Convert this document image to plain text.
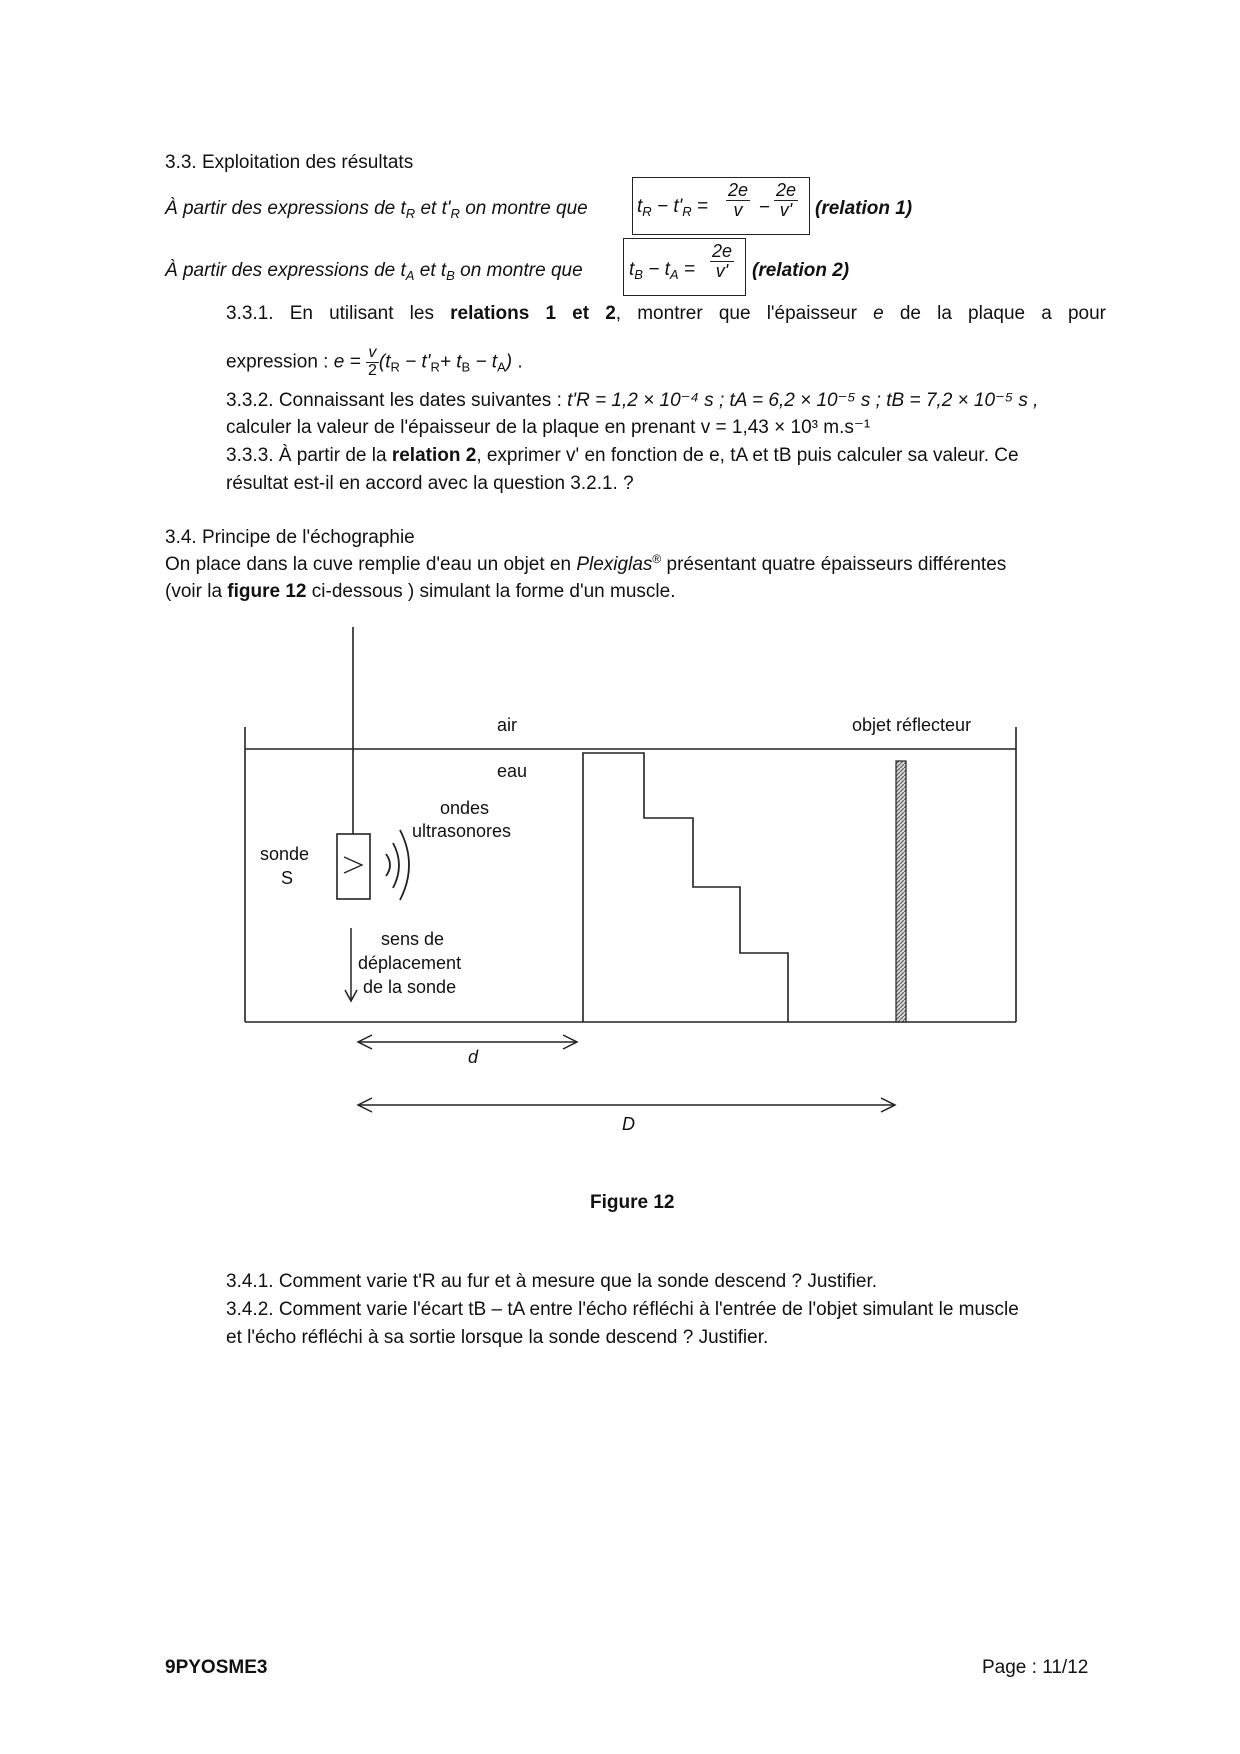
3.3. Exploitation des résultats
À partir des expressions de $t_R$ et $t'_R$ on montre que	$t_R - t'_R = \frac{2e}{v} - \frac{2e}{v'}$ (relation 1)
À partir des expressions de $t_A$ et $t_B$ on montre que $t_B - t_A = \frac{2e}{v'}$ (relation 2)
3.3.1. En utilisant les relations 1 et 2, montrer que l'épaisseur e de la plaque a pour
expression : $e = \frac{v}{2} (t_R - t'_R+ t_B - t_A)$ .
3.3.2. Connaissant les dates suivantes : t'R = 1,2 × 10⁻⁴ s ; tA = 6,2 × 10⁻⁵ s ; tB = 7,2 × 10⁻⁵ s ,
calculer la valeur de l'épaisseur de la plaque en prenant v = 1,43 × 10³ m.s⁻¹
3.3.3. À partir de la relation 2, exprimer v' en fonction de e, tA et tB puis calculer sa valeur. Ce
résultat est-il en accord avec la question 3.2.1. ?
3.4. Principe de l'échographie
On place dans la cuve remplie d'eau un objet en Plexiglas® présentant quatre épaisseurs différentes
(voir la figure 12 ci-dessous ) simulant la forme d'un muscle.
air	objet réflecteur
eau
ondes
ultrasonores
sonde
S
sens de
déplacement
de la sonde
d
D
Figure 12
3.4.1. Comment varie t'R au fur et à mesure que la sonde descend ? Justifier.
3.4.2. Comment varie l'écart tB – tA entre l'écho réfléchi à l'entrée de l'objet simulant le muscle
et l'écho réfléchi à sa sortie lorsque la sonde descend ? Justifier.
9PYOSME3	Page : 11/12
